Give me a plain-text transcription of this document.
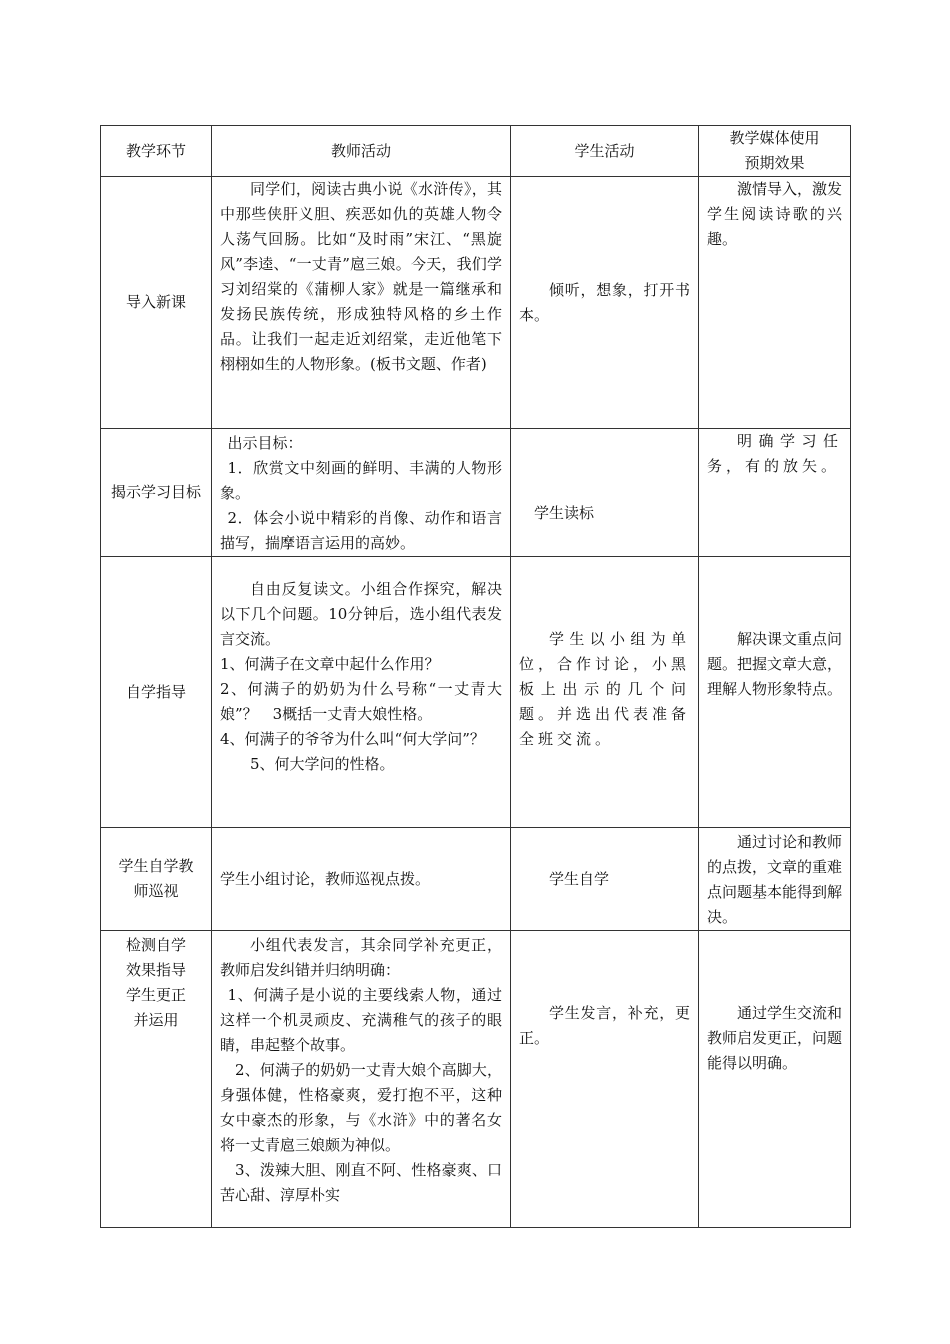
教学环节	教师活动	学生活动	教学媒体使用
预期效果

导入新课	同学们，阅读古典小说《水浒传》，其中那些侠肝义胆、疾恶如仇的英雄人物令人荡气回肠。比如“及时雨”宋江、“黑旋风”李逵、“一丈青”扈三娘。今天，我们学习刘绍棠的《蒲柳人家》就是一篇继承和发扬民族传统，形成独特风格的乡土作品。让我们一起走近刘绍棠，走近他笔下栩栩如生的人物形象。(板书文题、作者)	倾听，想象，打开书本。	激情导入，激发学生阅读诗歌的兴趣。

揭示学习目标	出示目标：

1．欣赏文中刻画的鲜明、丰满的人物形象。

2．体会小说中精彩的肖像、动作和语言描写，揣摩语言运用的高妙。	学生读标	明确学习任务，有的放矢。

自学指导	自由反复读文。小组合作探究，解决以下几个问题。10分钟后，选小组代表发言交流。

1、何满子在文章中起什么作用？

2、何满子的奶奶为什么号称“一丈青大娘”？　3概括一丈青大娘性格。

4、何满子的爷爷为什么叫“何大学问”？

5、何大学问的性格。	学生以小组为单位，合作讨论，小黑板上出示的几个问题。并选出代表准备全班交流。	解决课文重点问题。把握文章大意，理解人物形象特点。

学生自学教师巡视	学生小组讨论，教师巡视点拨。	学生自学	通过讨论和教师的点拨，文章的重难点问题基本能得到解决。

检测自学效果指导学生更正并运用	小组代表发言，其余同学补充更正，教师启发纠错并归纳明确：

1、何满子是小说的主要线索人物，通过这样一个机灵顽皮、充满稚气的孩子的眼睛，串起整个故事。

2、何满子的奶奶一丈青大娘个高脚大，身强体健，性格豪爽，爱打抱不平，这种女中豪杰的形象，与《水浒》中的著名女将一丈青扈三娘颇为神似。

3、泼辣大胆、刚直不阿、性格豪爽、口苦心甜、淳厚朴实	学生发言，补充，更正。	通过学生交流和教师启发更正，问题能得以明确。
